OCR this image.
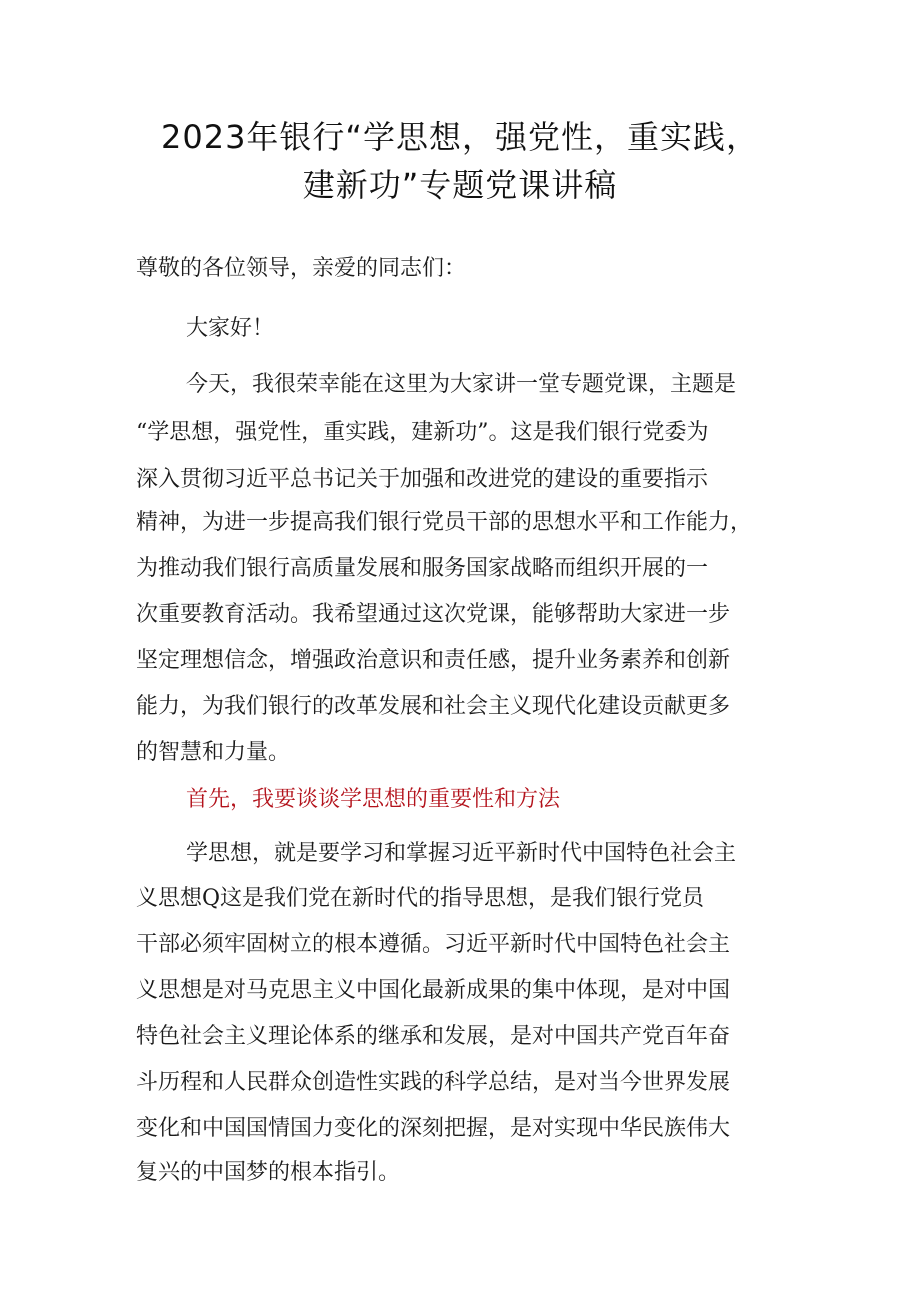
2023年银行“学思想，强党性，重实践，
建新功”专题党课讲稿
尊敬的各位领导，亲爱的同志们：
大家好！
今天，我很荣幸能在这里为大家讲一堂专题党课，主题是
“学思想，强党性，重实践，建新功”。这是我们银行党委为
深入贯彻习近平总书记关于加强和改进党的建设的重要指示
精神，为进一步提高我们银行党员干部的思想水平和工作能力，
为推动我们银行高质量发展和服务国家战略而组织开展的一
次重要教育活动。我希望通过这次党课，能够帮助大家进一步
坚定理想信念，增强政治意识和责任感，提升业务素养和创新
能力，为我们银行的改革发展和社会主义现代化建设贡献更多
的智慧和力量。
首先，我要谈谈学思想的重要性和方法
学思想，就是要学习和掌握习近平新时代中国特色社会主
义思想Q这是我们党在新时代的指导思想，是我们银行党员
干部必须牢固树立的根本遵循。习近平新时代中国特色社会主
义思想是对马克思主义中国化最新成果的集中体现，是对中国
特色社会主义理论体系的继承和发展，是对中国共产党百年奋
斗历程和人民群众创造性实践的科学总结，是对当今世界发展
变化和中国国情国力变化的深刻把握，是对实现中华民族伟大
复兴的中国梦的根本指引。
